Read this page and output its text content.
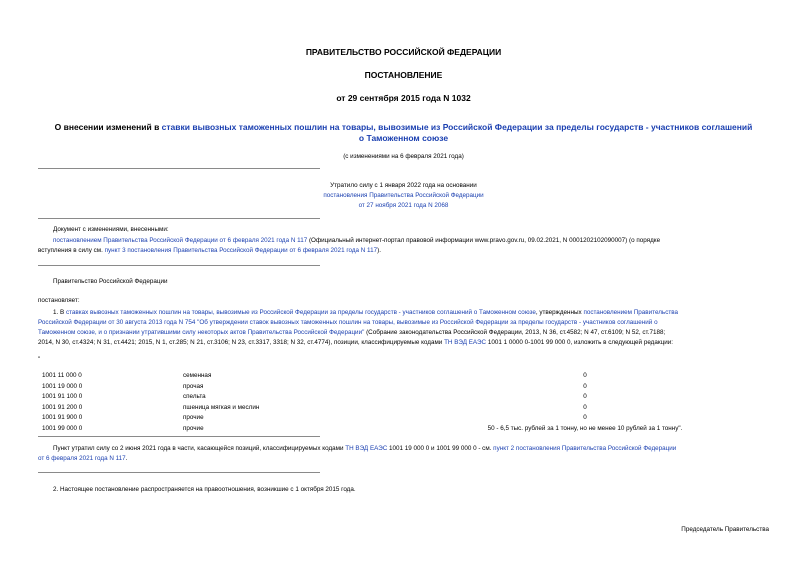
ПРАВИТЕЛЬСТВО РОССИЙСКОЙ ФЕДЕРАЦИИ
ПОСТАНОВЛЕНИЕ
от 29 сентября 2015 года N 1032
О внесении изменений в ставки вывозных таможенных пошлин на товары, вывозимые из Российской Федерации за пределы государств - участников соглашений
о Таможенном союзе
(с изменениями на 6 февраля 2021 года)
Утратило силу с 1 января 2022 года на основании
постановления Правительства Российской Федерации
от 27 ноября 2021 года N 2068
Документ с изменениями, внесенными:
постановлением Правительства Российской Федерации от 6 февраля 2021 года N 117 (Официальный интернет-портал правовой информации www.pravo.gov.ru, 09.02.2021, N 0001202102090007) (о порядке
вступления в силу см. пункт 3 постановления Правительства Российской Федерации от 6 февраля 2021 года N 117).
Правительство Российской Федерации
постановляет:
1. В ставках вывозных таможенных пошлин на товары, вывозимые из Российской Федерации за пределы государств - участников соглашений о Таможенном союзе, утвержденных постановлением Правительства
Российской Федерации от 30 августа 2013 года N 754 "Об утверждении ставок вывозных таможенных пошлин на товары, вывозимые из Российской Федерации за пределы государств - участников соглашений о
Таможенном союзе, и о признании утратившими силу некоторых актов Правительства Российской Федерации" (Собрание законодательства Российской Федерации, 2013, N 36, ст.4582; N 47, ст.6109; N 52, ст.7188;
2014, N 30, ст.4324; N 31, ст.4421; 2015, N 1, ст.285; N 21, ст.3106; N 23, ст.3317, 3318; N 32, ст.4774), позиции, классифицируемые кодами ТН ВЭД ЕАЭС 1001 1 0000 0-1001 99 000 0, изложить в следующей редакции:
"
1001 11 000 0	семенная	0
1001 19 000 0	прочая	0
1001 91 100 0	спельта	0
1001 91 200 0	пшеница мягкая и меслин	0
1001 91 900 0	прочие	0
1001 99 000 0	прочие	50 - 6,5 тыс. рублей за 1 тонну, но не менее 10 рублей за 1 тонну".
Пункт утратил силу со 2 июня 2021 года в части, касающейся позиций, классифицируемых кодами ТН ВЭД ЕАЭС 1001 19 000 0 и 1001 99 000 0 - см. пункт 2 постановления Правительства Российской Федерации
от 6 февраля 2021 года N 117.
2. Настоящее постановление распространяется на правоотношения, возникшие с 1 октября 2015 года.
Председатель Правительства
